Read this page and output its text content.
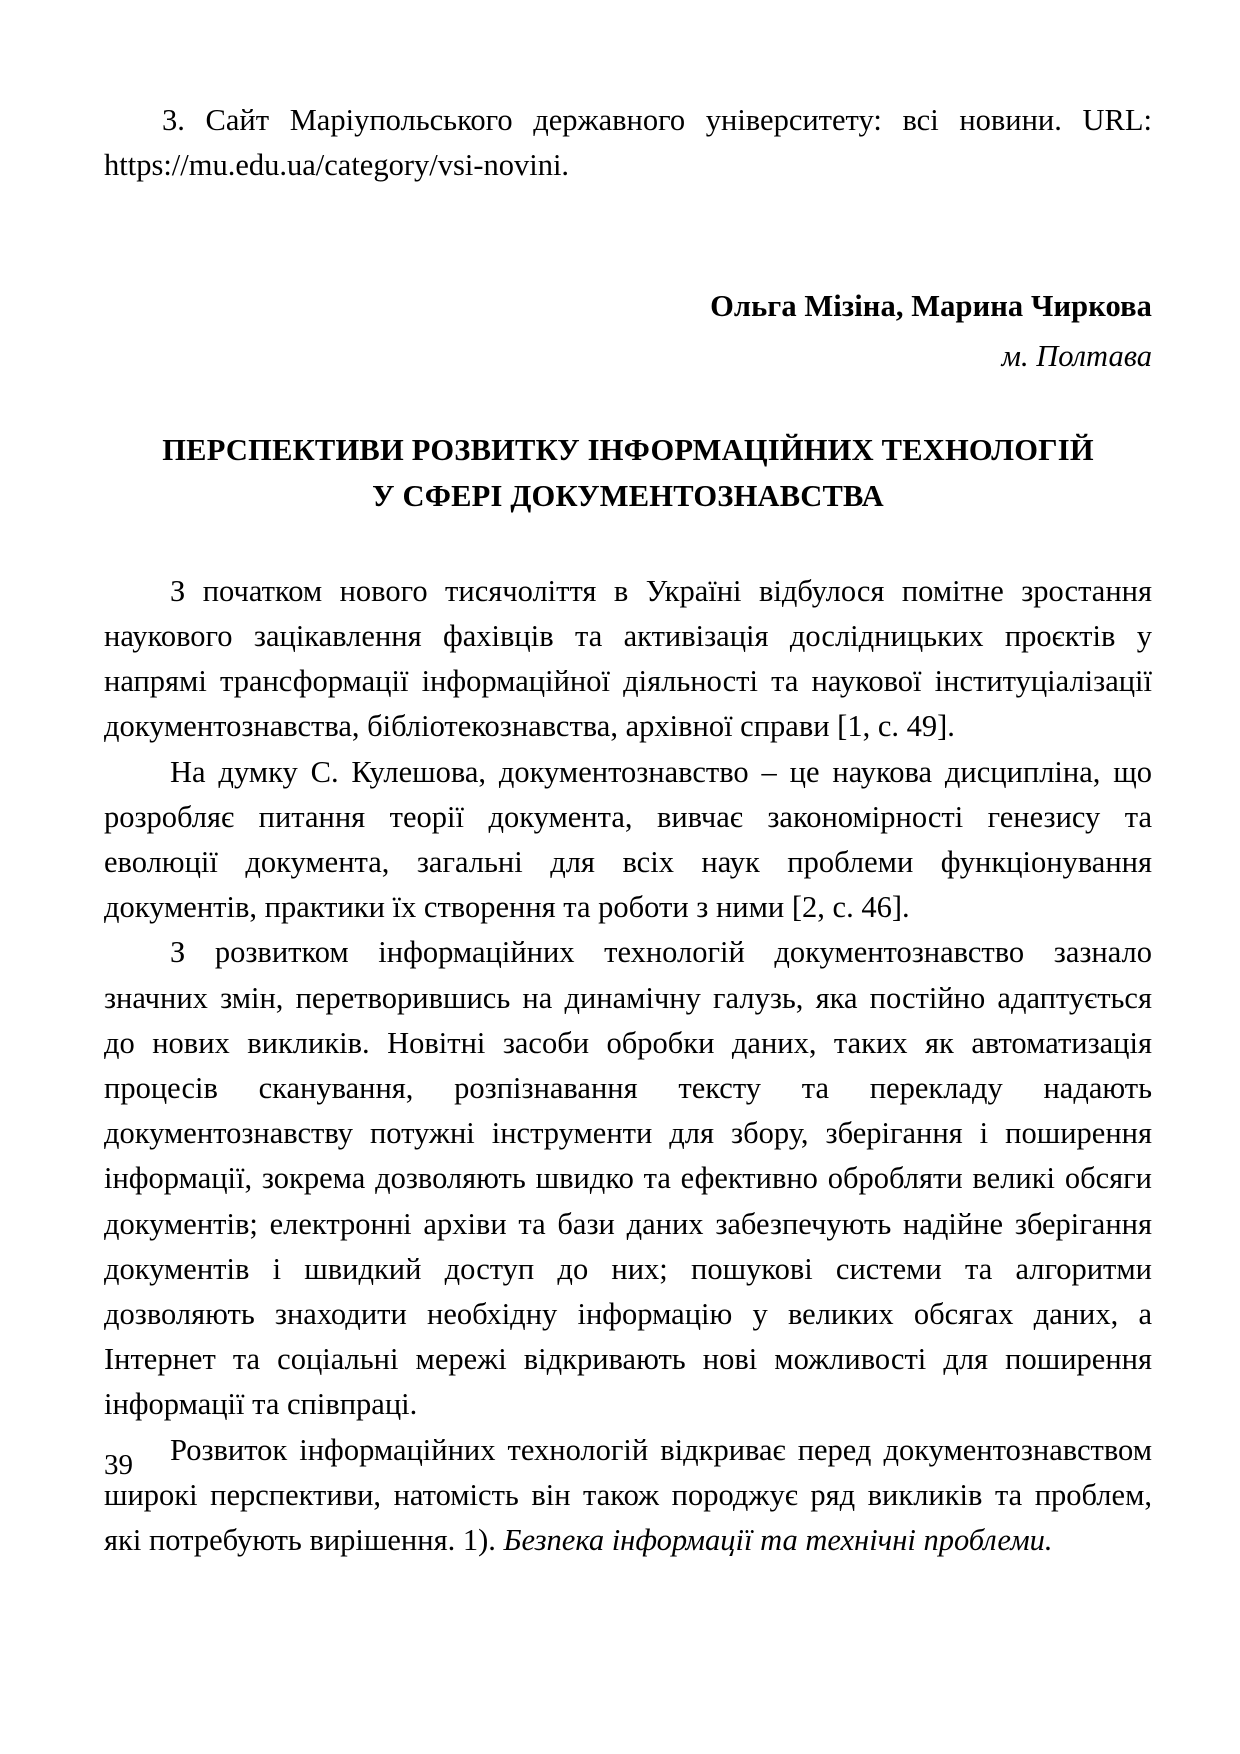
3. Сайт Маріупольського державного університету: всі новини. URL: https://mu.edu.ua/category/vsi-novini.

Ольга Мізіна, Марина Чиркова
м. Полтава
ПЕРСПЕКТИВИ РОЗВИТКУ ІНФОРМАЦІЙНИХ ТЕХНОЛОГІЙ
У СФЕРІ ДОКУМЕНТОЗНАВСТВА

З початком нового тисячоліття в Україні відбулося помітне зростання наукового зацікавлення фахівців та активізація дослідницьких проєктів у напрямі трансформації інформаційної діяльності та наукової інституціалізації документознавства, бібліотекознавства, архівної справи [1, с. 49].

На думку С. Кулешова, документознавство – це наукова дисципліна, що розробляє питання теорії документа, вивчає закономірності генезису та еволюції документа, загальні для всіх наук проблеми функціонування документів, практики їх створення та роботи з ними [2, с. 46].

З розвитком інформаційних технологій документознавство зазнало значних змін, перетворившись на динамічну галузь, яка постійно адаптується до нових викликів. Новітні засоби обробки даних, таких як автоматизація процесів сканування, розпізнавання тексту та перекладу надають документознавству потужні інструменти для збору, зберігання і поширення інформації, зокрема дозволяють швидко та ефективно обробляти великі обсяги документів; електронні архіви та бази даних забезпечують надійне зберігання документів і швидкий доступ до них; пошукові системи та алгоритми дозволяють знаходити необхідну інформацію у великих обсягах даних, а Інтернет та соціальні мережі відкривають нові можливості для поширення інформації та співпраці.

Розвиток інформаційних технологій відкриває перед документознавством широкі перспективи, натомість він також породжує ряд викликів та проблем, які потребують вирішення. 1). Безпека інформації та технічні проблеми.

39
